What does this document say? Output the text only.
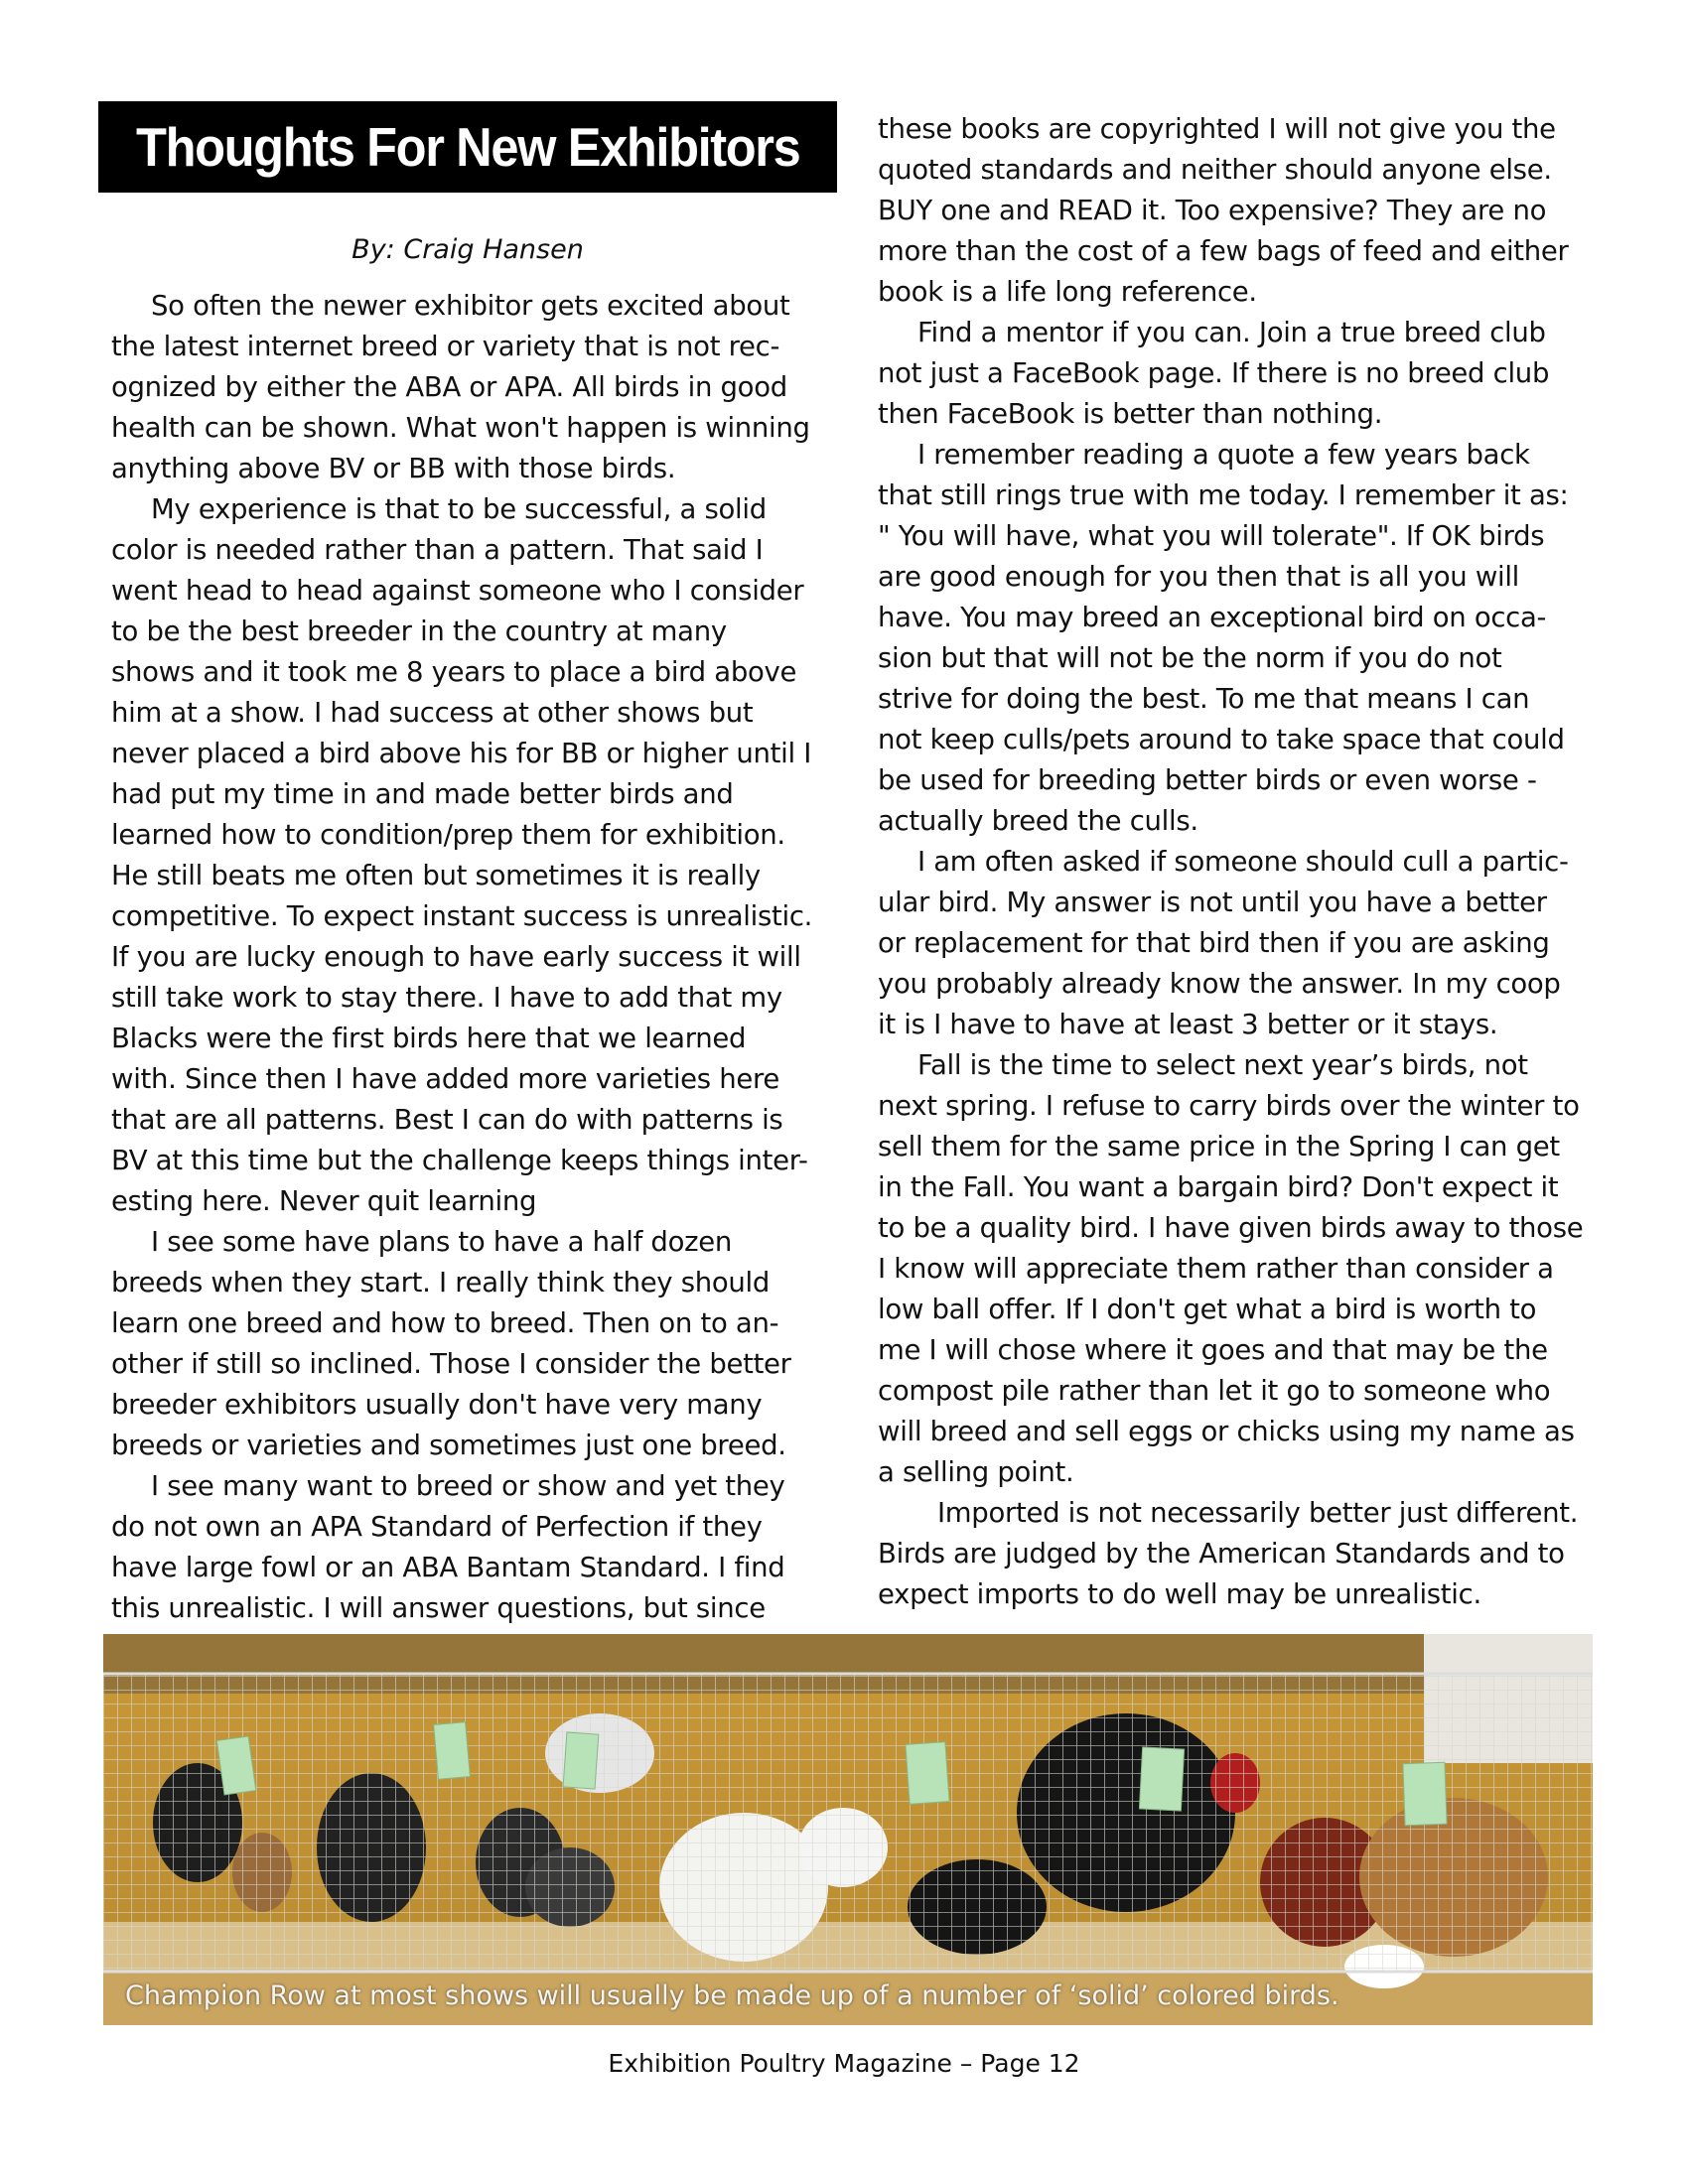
Thoughts For New Exhibitors
By: Craig Hansen
So often the newer exhibitor gets excited about
the latest internet breed or variety that is not rec-
ognized by either the ABA or APA. All birds in good
health can be shown. What won't happen is winning
anything above BV or BB with those birds.
My experience is that to be successful, a solid
color is needed rather than a pattern. That said I
went head to head against someone who I consider
to be the best breeder in the country at many
shows and it took me 8 years to place a bird above
him at a show. I had success at other shows but
never placed a bird above his for BB or higher until I
had put my time in and made better birds and
learned how to condition/prep them for exhibition.
He still beats me often but sometimes it is really
competitive. To expect instant success is unrealistic.
If you are lucky enough to have early success it will
still take work to stay there. I have to add that my
Blacks were the first birds here that we learned
with. Since then I have added more varieties here
that are all patterns. Best I can do with patterns is
BV at this time but the challenge keeps things inter-
esting here. Never quit learning
I see some have plans to have a half dozen
breeds when they start. I really think they should
learn one breed and how to breed. Then on to an-
other if still so inclined. Those I consider the better
breeder exhibitors usually don't have very many
breeds or varieties and sometimes just one breed.
I see many want to breed or show and yet they
do not own an APA Standard of Perfection if they
have large fowl or an ABA Bantam Standard. I find
this unrealistic. I will answer questions, but since
these books are copyrighted I will not give you the
quoted standards and neither should anyone else.
BUY one and READ it. Too expensive? They are no
more than the cost of a few bags of feed and either
book is a life long reference.
Find a mentor if you can. Join a true breed club
not just a FaceBook page. If there is no breed club
then FaceBook is better than nothing.
I remember reading a quote a few years back
that still rings true with me today. I remember it as:
" You will have, what you will tolerate". If OK birds
are good enough for you then that is all you will
have. You may breed an exceptional bird on occa-
sion but that will not be the norm if you do not
strive for doing the best. To me that means I can
not keep culls/pets around to take space that could
be used for breeding better birds or even worse -
actually breed the culls.
I am often asked if someone should cull a partic-
ular bird. My answer is not until you have a better
or replacement for that bird then if you are asking
you probably already know the answer. In my coop
it is I have to have at least 3 better or it stays.
Fall is the time to select next year’s birds, not
next spring. I refuse to carry birds over the winter to
sell them for the same price in the Spring I can get
in the Fall. You want a bargain bird? Don't expect it
to be a quality bird. I have given birds away to those
I know will appreciate them rather than consider a
low ball offer. If I don't get what a bird is worth to
me I will chose where it goes and that may be the
compost pile rather than let it go to someone who
will breed and sell eggs or chicks using my name as
a selling point.
Imported is not necessarily better just different.
Birds are judged by the American Standards and to
expect imports to do well may be unrealistic.
Champion Row at most shows will usually be made up of a number of ‘solid’ colored birds.
Exhibition Poultry Magazine – Page 12
